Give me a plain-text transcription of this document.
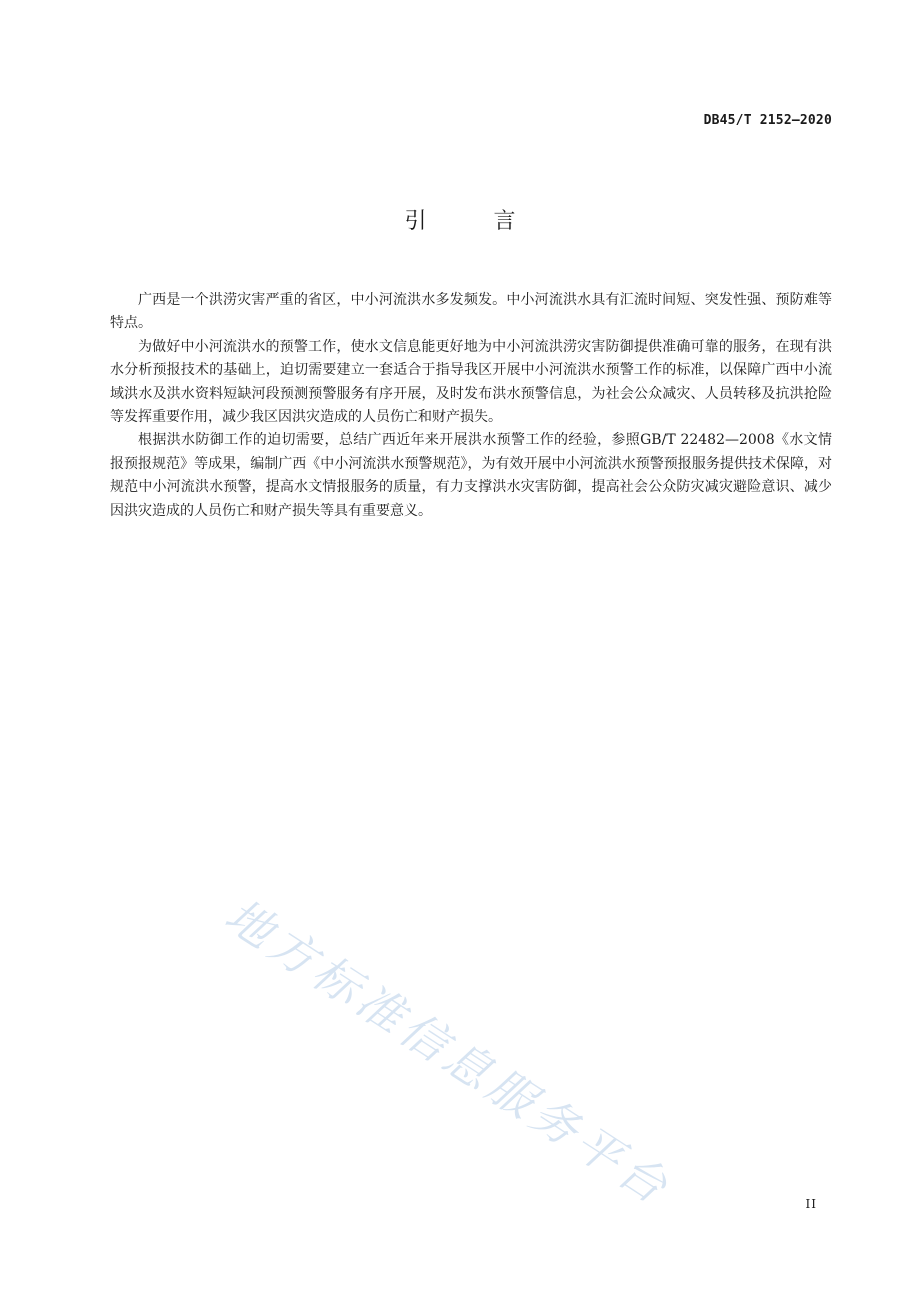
DB45/T 2152—2020
引 言

广西是一个洪涝灾害严重的省区，中小河流洪水多发频发。中小河流洪水具有汇流时间短、突发性强、预防难等特点。

为做好中小河流洪水的预警工作，使水文信息能更好地为中小河流洪涝灾害防御提供准确可靠的服务，在现有洪水分析预报技术的基础上，迫切需要建立一套适合于指导我区开展中小河流洪水预警工作的标准，以保障广西中小流域洪水及洪水资料短缺河段预测预警服务有序开展，及时发布洪水预警信息，为社会公众减灾、人员转移及抗洪抢险等发挥重要作用，减少我区因洪灾造成的人员伤亡和财产损失。

根据洪水防御工作的迫切需要，总结广西近年来开展洪水预警工作的经验，参照GB/T 22482—2008《水文情报预报规范》等成果，编制广西《中小河流洪水预警规范》，为有效开展中小河流洪水预警预报服务提供技术保障，对规范中小河流洪水预警，提高水文情报服务的质量，有力支撑洪水灾害防御，提高社会公众防灾减灾避险意识、减少因洪灾造成的人员伤亡和财产损失等具有重要意义。

地方标准信息服务平台	II
